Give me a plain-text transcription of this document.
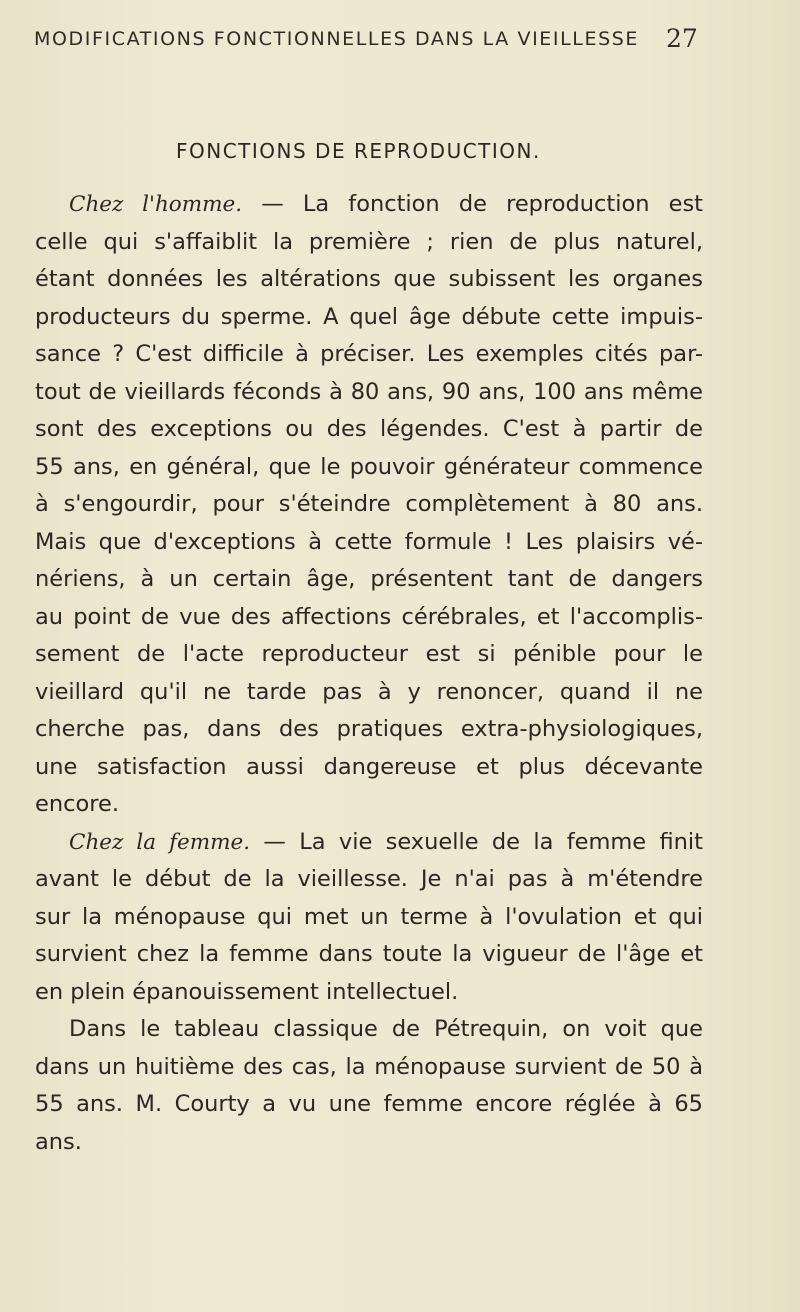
MODIFICATIONS FONCTIONNELLES DANS LA VIEILLESSE	27
FONCTIONS DE REPRODUCTION.
Chez l'homme. — La fonction de reproduction est
celle qui s'affaiblit la première ; rien de plus naturel,
étant données les altérations que subissent les organes
producteurs du sperme. A quel âge débute cette impuis-
sance ? C'est difficile à préciser. Les exemples cités par-
tout de vieillards féconds à 80 ans, 90 ans, 100 ans même
sont des exceptions ou des légendes. C'est à partir de
55 ans, en général, que le pouvoir générateur commence
à s'engourdir, pour s'éteindre complètement à 80 ans.
Mais que d'exceptions à cette formule ! Les plaisirs vé-
nériens, à un certain âge, présentent tant de dangers
au point de vue des affections cérébrales, et l'accomplis-
sement de l'acte reproducteur est si pénible pour le
vieillard qu'il ne tarde pas à y renoncer, quand il ne
cherche pas, dans des pratiques extra-physiologiques,
une satisfaction aussi dangereuse et plus décevante
encore.
Chez la femme. — La vie sexuelle de la femme finit
avant le début de la vieillesse. Je n'ai pas à m'étendre
sur la ménopause qui met un terme à l'ovulation et qui
survient chez la femme dans toute la vigueur de l'âge et
en plein épanouissement intellectuel.
Dans le tableau classique de Pétrequin, on voit que
dans un huitième des cas, la ménopause survient de 50 à
55 ans. M. Courty a vu une femme encore réglée à 65
ans.
